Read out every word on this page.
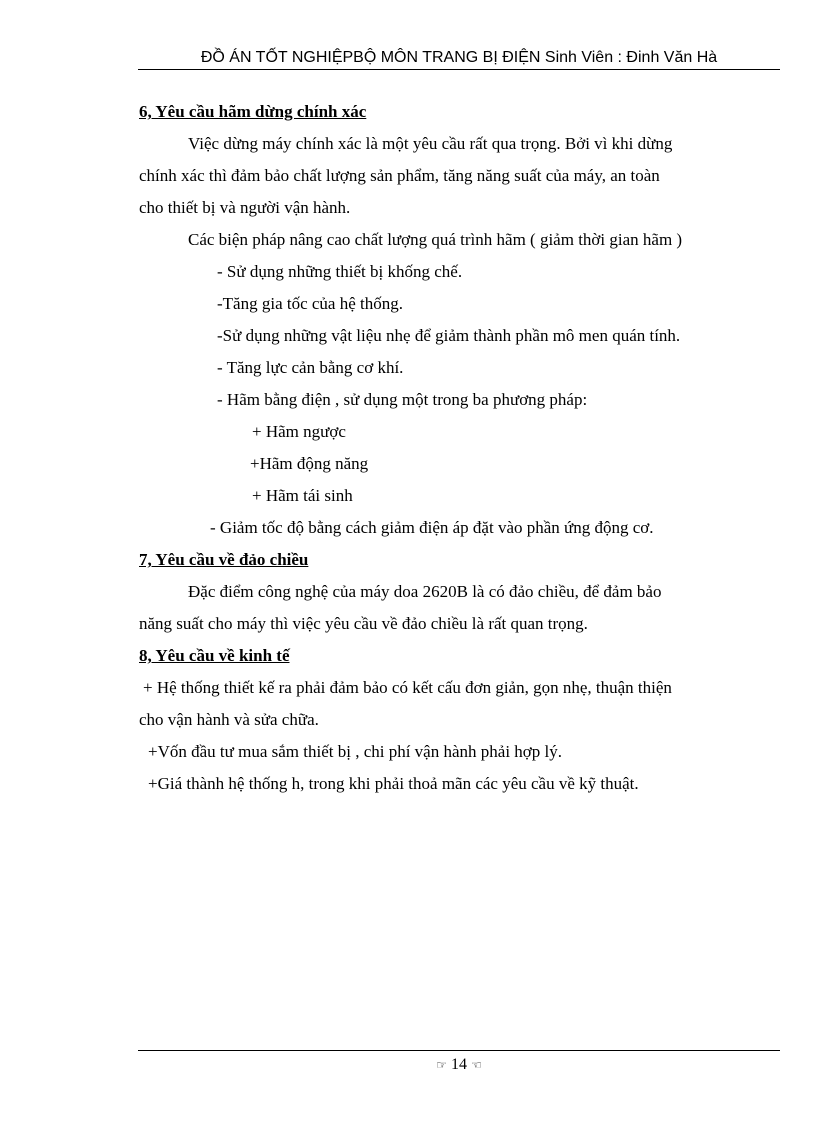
ĐỒ ÁN TỐT NGHIỆPBỘ MÔN TRANG BỊ ĐIỆN Sinh Viên : Đinh Văn Hà
6, Yêu cầu hãm dừng chính xác
Việc dừng máy chính xác là một yêu cầu rất qua trọng. Bởi vì khi dừng
chính xác thì đảm bảo chất lượng sản phẩm, tăng năng suất của máy, an toàn
cho thiết bị và người vận hành.
Các biện pháp nâng cao chất lượng quá trình hãm ( giảm thời gian hãm )
- Sử dụng những thiết bị khống chế.
-Tăng gia tốc của hệ thống.
-Sử dụng những vật liệu nhẹ để giảm thành phần mô men quán tính.
- Tăng lực cản bằng cơ khí.
- Hãm bằng điện , sử dụng một trong ba phương pháp:
+ Hãm ngược
+Hãm động năng
+ Hãm tái sinh
- Giảm tốc độ bằng cách giảm điện áp đặt vào phần ứng động cơ.
7, Yêu cầu về đảo chiều
Đặc điểm công nghệ của máy doa 2620B là có đảo chiều, để đảm bảo
năng suất cho máy thì việc yêu cầu về đảo chiều là rất quan trọng.
8, Yêu cầu về kinh tế
+ Hệ thống thiết kế ra phải đảm bảo có kết cấu đơn giản, gọn nhẹ, thuận thiện
cho vận hành và sửa chữa.
+Vốn đầu tư mua sắm thiết bị , chi phí vận hành phải hợp lý.
+Giá thành hệ thống h, trong khi phải thoả mãn các yêu cầu về kỹ thuật.
☞ 14 ☜
